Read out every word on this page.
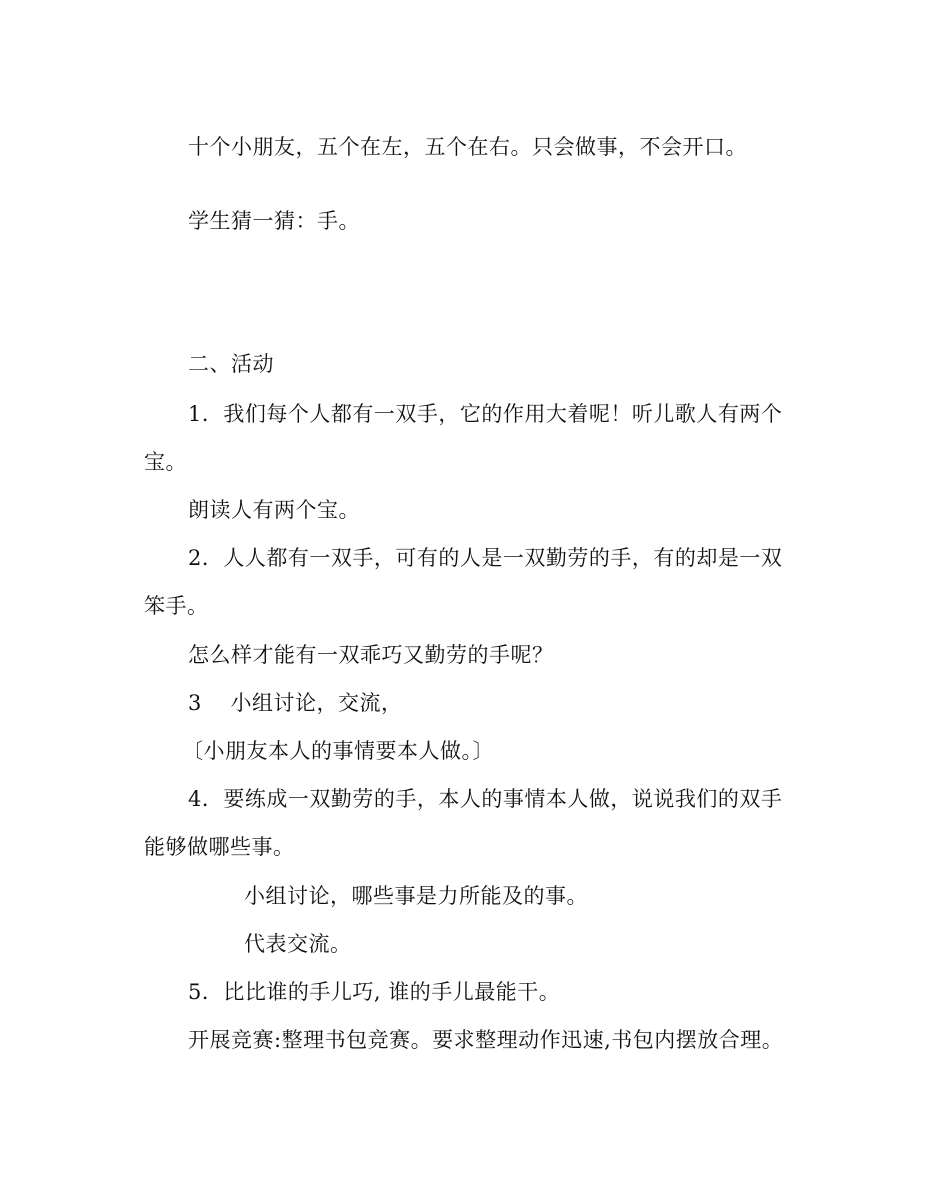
十个小朋友，五个在左，五个在右。只会做事，不会开口。
学生猜一猜：手。
二、活动
1．我们每个人都有一双手，它的作用大着呢！听儿歌人有两个
宝。
朗读人有两个宝。
2．人人都有一双手，可有的人是一双勤劳的手，有的却是一双
笨手。
怎么样才能有一双乖巧又勤劳的手呢？
3　 小组讨论，交流，
〔小朋友本人的事情要本人做。〕
4．要练成一双勤劳的手，本人的事情本人做，说说我们的双手
能够做哪些事。
小组讨论，哪些事是力所能及的事。
代表交流。
5．比比谁的手儿巧, 谁的手儿最能干。
开展竞赛:整理书包竞赛。要求整理动作迅速,书包内摆放合理。
